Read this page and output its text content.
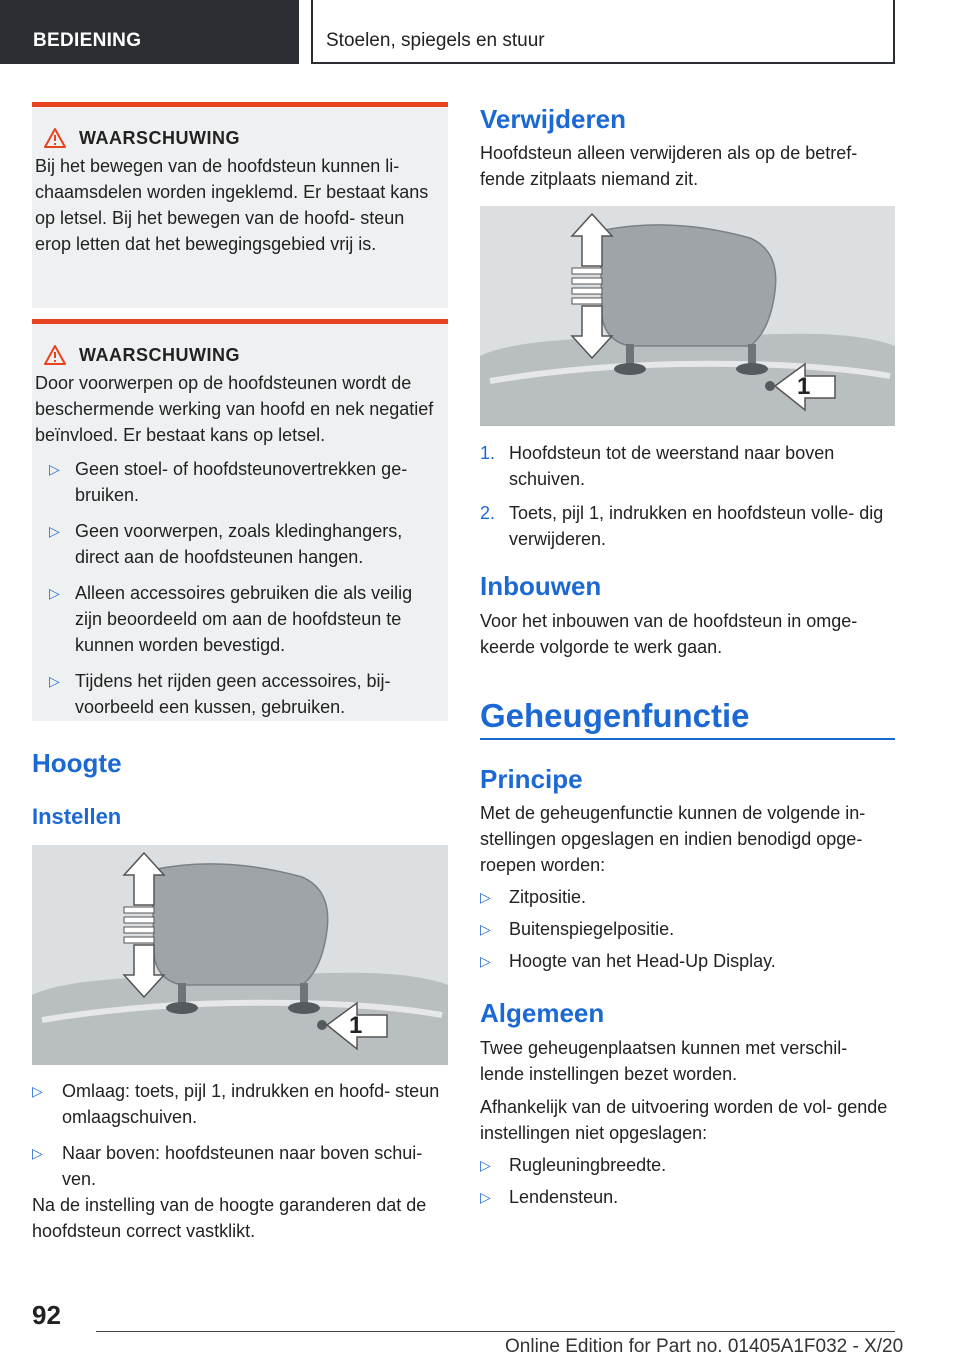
BEDIENING	Stoelen, spiegels en stuur
WAARSCHUWING
Bij het bewegen van de hoofdsteun kunnen li- chaamsdelen worden ingeklemd. Er bestaat kans op letsel. Bij het bewegen van de hoofd- steun erop letten dat het bewegingsgebied vrij is.
WAARSCHUWING
Door voorwerpen op de hoofdsteunen wordt de beschermende werking van hoofd en nek negatief beïnvloed. Er bestaat kans op letsel.
▷ Geen stoel- of hoofdsteunovertrekken ge- bruiken.
▷ Geen voorwerpen, zoals kledinghangers, direct aan de hoofdsteunen hangen.
▷ Alleen accessoires gebruiken die als veilig zijn beoordeeld om aan de hoofdsteun te kunnen worden bevestigd.
▷ Tijdens het rijden geen accessoires, bij- voorbeeld een kussen, gebruiken.
Hoogte
Instellen
1
▷ Omlaag: toets, pijl 1, indrukken en hoofd- steun omlaagschuiven.
▷ Naar boven: hoofdsteunen naar boven schui- ven.
Na de instelling van de hoogte garanderen dat de hoofdsteun correct vastklikt.
Verwijderen
Hoofdsteun alleen verwijderen als op de betref- fende zitplaats niemand zit.
1
1. Hoofdsteun tot de weerstand naar boven schuiven.
2. Toets, pijl 1, indrukken en hoofdsteun volle- dig verwijderen.
Inbouwen
Voor het inbouwen van de hoofdsteun in omge- keerde volgorde te werk gaan.
Geheugenfunctie
Principe
Met de geheugenfunctie kunnen de volgende in- stellingen opgeslagen en indien benodigd opge- roepen worden:
▷ Zitpositie.
▷ Buitenspiegelpositie.
▷ Hoogte van het Head-Up Display.
Algemeen
Twee geheugenplaatsen kunnen met verschil- lende instellingen bezet worden.
Afhankelijk van de uitvoering worden de vol- gende instellingen niet opgeslagen:
▷ Rugleuningbreedte.
▷ Lendensteun.
92
Online Edition for Part no. 01405A1F032 - X/20
